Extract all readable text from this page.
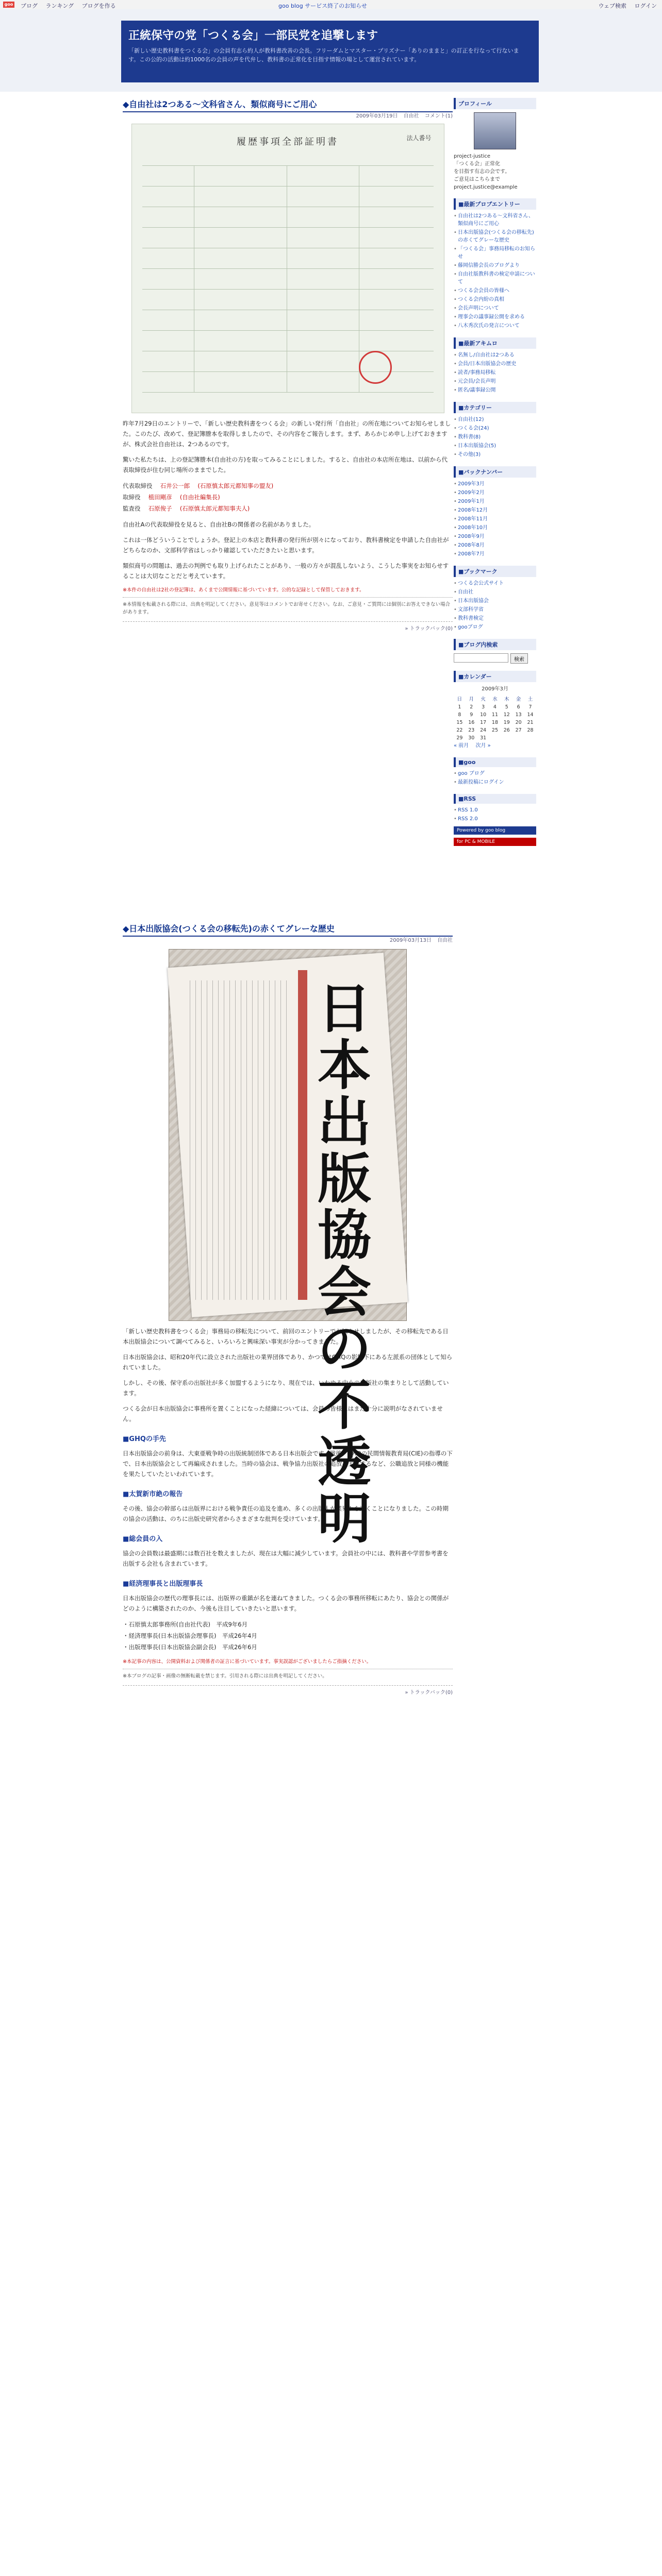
goo ブログ ランキング ブログを作る	goo blog サービス終了のお知らせ	ウェブ検索 ログイン
正統保守の党「つくる会」一部民党を追撃します
「新しい歴史教科書をつくる会」の会員有志ら約人が教科書改善の会長。フリーダムとマスター・プリズナー「ありのままと」の訂正を行なって行ないます。この公的の活動は約1000名の会員の声を代弁し、教科書の正常化を目指す情報の場として運営されています。
◆自由社は2つある～文科省さん、類似商号にご用心
2009年03月19日 自由社 コメント(1)
履歴事項全部証明書	法人番号

昨年7月29日のエントリーで、「新しい歴史教科書をつくる会」の新しい発行所「自由社」の所在地についてお知らせしました。このたび、改めて、登記簿謄本を取得しましたので、その内容をご報告します。まず、あらかじめ申し上げておきますが、株式会社自由社は、2つあるのです。

驚いた私たちは、上の登記簿謄本(自由社の方)を取ってみることにしました。すると、自由社の本店所在地は、以前から代表取締役が住む同じ場所のままでした。

代表取締役　 石井公一郎　 (石原慎太郎元都知事の盟友)
取締役　 植田剛彦　 (自由社編集長)
監査役　 石原俊子　 (石原慎太郎元都知事夫人)

自由社Aの代表取締役を見ると、自由社Bの関係者の名前がありました。

これは一体どういうことでしょうか。登記上の本店と教科書の発行所が別々になっており、教科書検定を申請した自由社がどちらなのか、文部科学省はしっかり確認していただきたいと思います。

類似商号の問題は、過去の判例でも取り上げられたことがあり、一般の方々が混乱しないよう、こうした事実をお知らせすることは大切なことだと考えています。

※本件の自由社は2社の登記簿は、あくまで公開情報に基づいています。公的な記録として保管しておきます。
※本情報を転載される際には、出典を明記してください。意見等はコメントでお寄せください。なお、ご意見・ご質問には個別にお答えできない場合があります。
» トラックバック(0)
◆日本出版協会(つくる会の移転先)の赤くてグレーな歴史
2009年03月13日 自由社
日本出版協会の不透明

「新しい歴史教科書をつくる会」事務局の移転先について、前回のエントリーでお知らせしましたが、その移転先である日本出版協会について調べてみると、いろいろと興味深い事実が分かってきました。

日本出版協会は、昭和20年代に設立された出版社の業界団体であり、かつてはGHQの影響下にある左派系の団体として知られていました。

しかし、その後、保守系の出版社が多く加盟するようになり、現在では、いわゆる中小の出版社の集まりとして活動しています。

つくる会が日本出版協会に事務所を置くことになった経緯については、会員の皆様にはまだ十分に説明がなされていません。

■GHQの手先

日本出版協会の前身は、大東亜戦争時の出版統制団体である日本出版会です。戦後、GHQの民間情報教育局(CIE)の指導の下で、日本出版協会として再編成されました。当時の協会は、戦争協力出版社の追放を主導するなど、公職追放と同様の機能を果たしていたといわれています。

■太賀新市絶の報告

その後、協会の幹部らは出版界における戦争責任の追及を進め、多くの出版人が業界から退くことになりました。この時期の協会の活動は、のちに出版史研究者からさまざまな批判を受けています。

■総会員の入

協会の会員数は最盛期には数百社を数えましたが、現在は大幅に減少しています。会員社の中には、教科書や学習参考書を出版する会社も含まれています。

■経済理事長と出版理事長

日本出版協会の歴代の理事長には、出版界の重鎮が名を連ねてきました。つくる会の事務所移転にあたり、協会との関係がどのように構築されたのか、今後も注目していきたいと思います。

・石原慎太郎事務所(自由社代表)　平成9年6月
・経済理事長(日本出版協会理事長)　平成26年4月
・出版理事長(日本出版協会副会長)　平成26年6月
※本記事の内容は、公開資料および関係者の証言に基づいています。事実誤認がございましたらご指摘ください。
※本ブログの記事・画像の無断転載を禁じます。引用される際には出典を明記してください。
» トラックバック(0)
プロフィール
project-justice
「つくる会」正常化
を目指す有志の会です。
ご意見はこちらまで
project.justice@example
■最新プロブエントリー
• 自由社は2つある～文科省さん、類似商号にご用心
• 日本出版協会(つくる会の移転先)の赤くてグレーな歴史
• 「つくる会」事務局移転のお知らせ
• 藤岡信勝会長のブログより
• 自由社版教科書の検定申請について
• つくる会会員の皆様へ
• つくる会内紛の真相
• 会長声明について
• 理事会の議事録公開を求める
• 八木秀次氏の発言について
■最新アキムロ
• 名無し/自由社は2つある
• 会員/日本出版協会の歴史
• 読者/事務局移転
• 元会員/会長声明
• 匿名/議事録公開
■カテゴリー
• 自由社(12)
• つくる会(24)
• 教科書(8)
• 日本出版協会(5)
• その他(3)
■バックナンバー
• 2009年3月
• 2009年2月
• 2009年1月
• 2008年12月
• 2008年11月
• 2008年10月
• 2008年9月
• 2008年8月
• 2008年7月
■ブックマーク
• つくる会公式サイト
• 自由社
• 日本出版協会
• 文部科学省
• 教科書検定
• gooブログ
■ブログ内検索
検索
■カレンダー
2009年3月
日	月	火	水	木	金	土
1	2	3	4	5	6	7
8	9	10	11	12	13	14
15	16	17	18	19	20	21
22	23	24	25	26	27	28
29	30	31				
« 前月　 次月 »
■goo
• goo ブログ
• 最新投稿にログイン
■RSS
• RSS 1.0
• RSS 2.0
Powered by goo blog
for PC & MOBILE
